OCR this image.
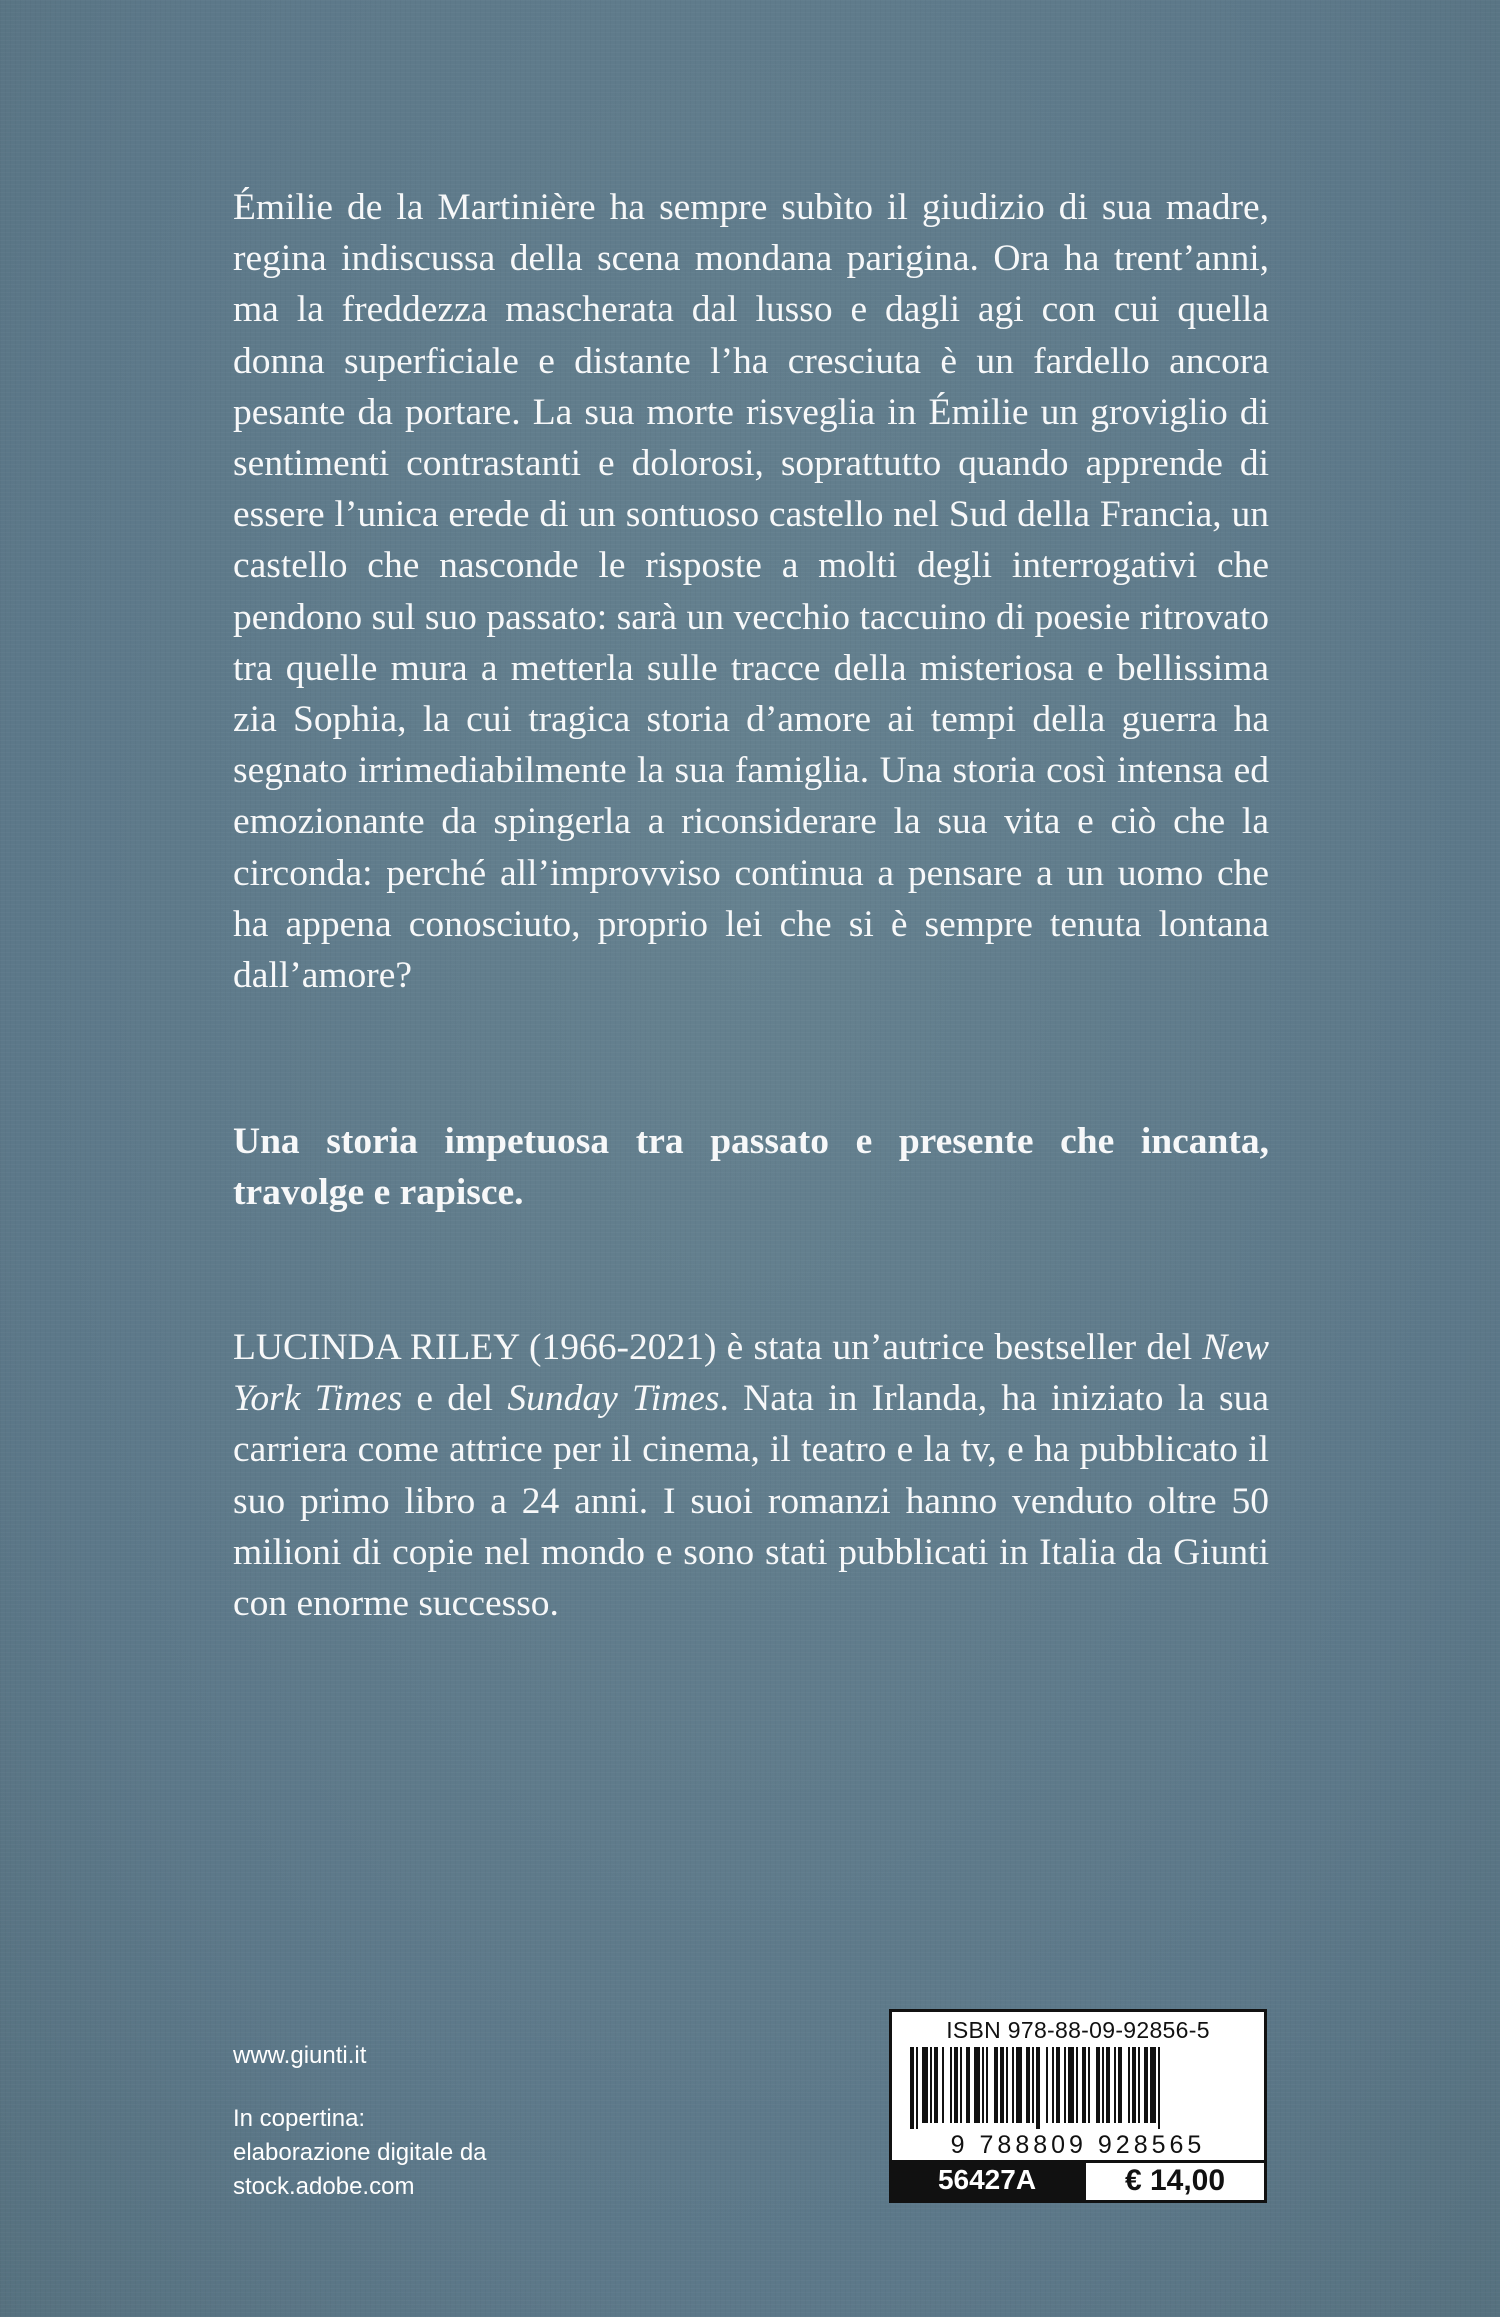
Émilie de la Martinière ha sempre subìto il giudizio di sua madre, regina indiscussa della scena mondana parigina. Ora ha trent’anni, ma la freddezza mascherata dal lusso e dagli agi con cui quella donna superficiale e distante l’ha cresciuta è un fardello ancora pesante da portare. La sua morte risveglia in Émilie un groviglio di sentimenti contrastanti e dolorosi, soprattutto quando apprende di essere l’unica erede di un sontuoso castello nel Sud della Francia, un castello che nasconde le risposte a molti degli interrogativi che pendono sul suo passato: sarà un vecchio taccuino di poesie ritrovato tra quelle mura a metterla sulle tracce della misteriosa e bellissima zia Sophia, la cui tragica storia d’amore ai tempi della guerra ha segnato irrimediabilmente la sua famiglia. Una storia così intensa ed emozionante da spingerla a riconsiderare la sua vita e ciò che la circonda: perché all’improvviso continua a pensare a un uomo che ha appena conosciuto, proprio lei che si è sempre tenuta lontana dall’amore?
Una storia impetuosa tra passato e presente che incanta, travolge e rapisce.
LUCINDA RILEY (1966-2021) è stata un’autrice bestseller del New York Times e del Sunday Times. Nata in Irlanda, ha iniziato la sua carriera come attrice per il cinema, il teatro e la tv, e ha pubblicato il suo primo libro a 24 anni. I suoi romanzi hanno venduto oltre 50 milioni di copie nel mondo e sono stati pubblicati in Italia da Giunti con enorme successo.
www.giunti.it
In copertina:
elaborazione digitale da
stock.adobe.com
ISBN 978-88-09-92856-5
9 788809 928565
56427A	€ 14,00
